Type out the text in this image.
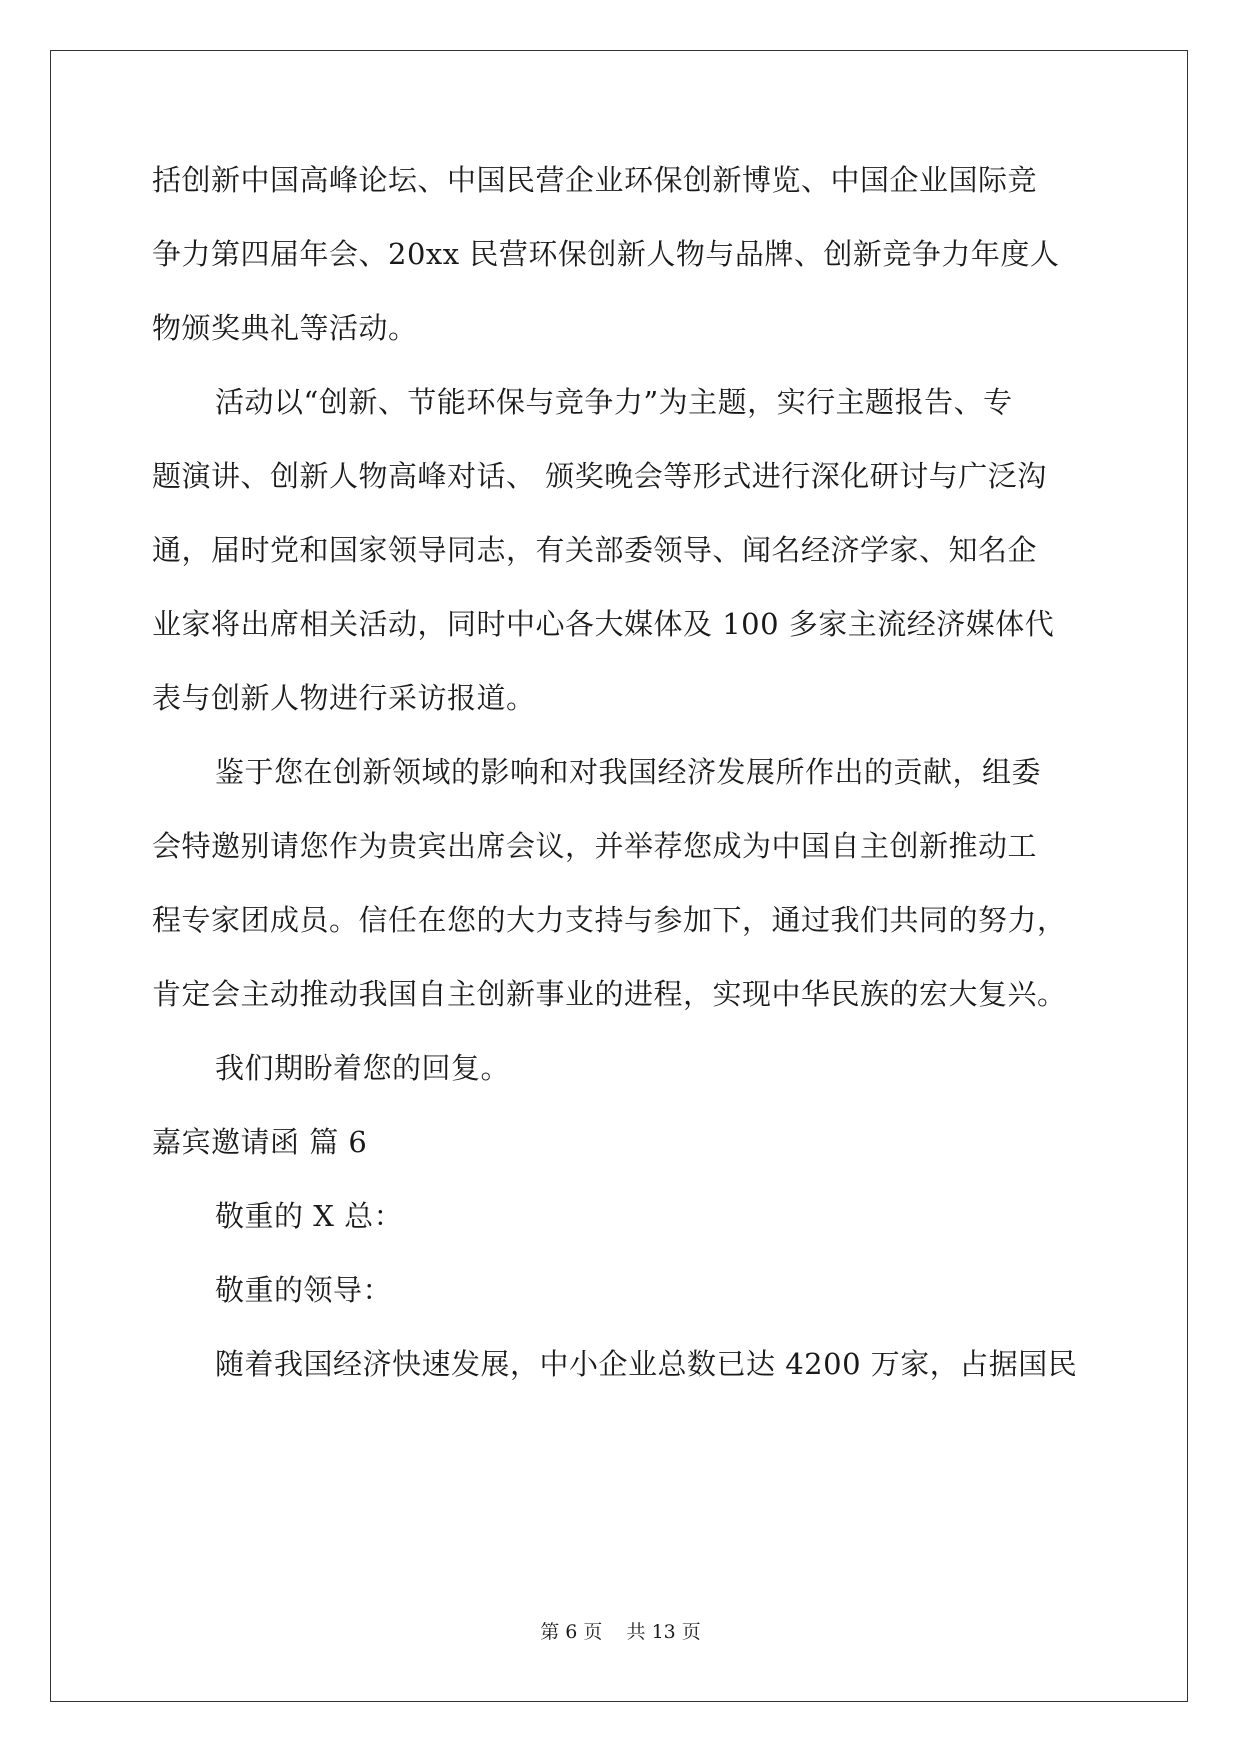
括创新中国高峰论坛、中国民营企业环保创新博览、中国企业国际竞
争力第四届年会、20xx 民营环保创新人物与品牌、创新竞争力年度人
物颁奖典礼等活动。
活动以“创新、节能环保与竞争力”为主题，实行主题报告、专
题演讲、创新人物高峰对话、 颁奖晚会等形式进行深化研讨与广泛沟
通，届时党和国家领导同志，有关部委领导、闻名经济学家、知名企
业家将出席相关活动，同时中心各大媒体及 100 多家主流经济媒体代
表与创新人物进行采访报道。
鉴于您在创新领域的影响和对我国经济发展所作出的贡献，组委
会特邀别请您作为贵宾出席会议，并举荐您成为中国自主创新推动工
程专家团成员。信任在您的大力支持与参加下，通过我们共同的努力，
肯定会主动推动我国自主创新事业的进程，实现中华民族的宏大复兴。
我们期盼着您的回复。
嘉宾邀请函 篇 6
敬重的 X 总：
敬重的领导：
随着我国经济快速发展，中小企业总数已达 4200 万家，占据国民
第 6 页    共 13 页
